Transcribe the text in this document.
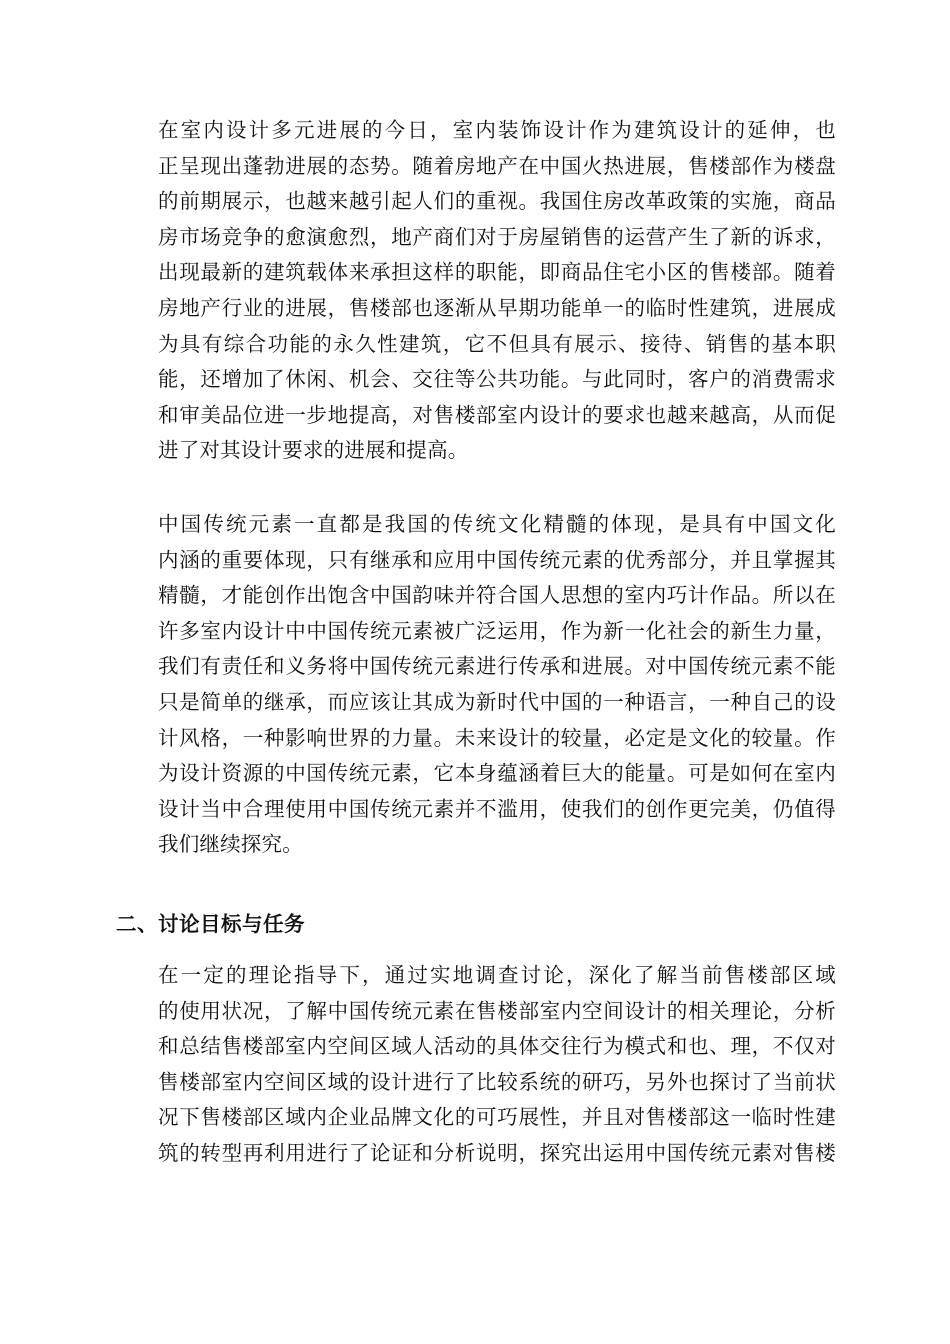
在室内设计多元进展的今日，室内装饰设计作为建筑设计的延伸，也
正呈现出蓬勃进展的态势。随着房地产在中国火热进展，售楼部作为楼盘
的前期展示，也越来越引起人们的重视。我国住房改革政策的实施，商品
房市场竞争的愈演愈烈，地产商们对于房屋销售的运营产生了新的诉求，
出现最新的建筑载体来承担这样的职能，即商品住宅小区的售楼部。随着
房地产行业的进展，售楼部也逐渐从早期功能单一的临时性建筑，进展成
为具有综合功能的永久性建筑，它不但具有展示、接待、销售的基本职
能，还增加了休闲、机会、交往等公共功能。与此同时，客户的消费需求
和审美品位进一步地提高，对售楼部室内设计的要求也越来越高，从而促
进了对其设计要求的进展和提高。
中国传统元素一直都是我国的传统文化精髓的体现，是具有中国文化
内涵的重要体现，只有继承和应用中国传统元素的优秀部分，并且掌握其
精髓，才能创作出饱含中国韵味并符合国人思想的室内巧计作品。所以在
许多室内设计中中国传统元素被广泛运用，作为新一化社会的新生力量，
我们有责任和义务将中国传统元素进行传承和进展。对中国传统元素不能
只是简单的继承，而应该让其成为新时代中国的一种语言，一种自己的设
计风格，一种影响世界的力量。未来设计的较量，必定是文化的较量。作
为设计资源的中国传统元素，它本身蕴涵着巨大的能量。可是如何在室内
设计当中合理使用中国传统元素并不滥用，使我们的创作更完美，仍值得
我们继续探究。
二、讨论目标与任务
在一定的理论指导下，通过实地调查讨论，深化了解当前售楼部区域
的使用状况，了解中国传统元素在售楼部室内空间设计的相关理论，分析
和总结售楼部室内空间区域人活动的具体交往行为模式和也、理，不仅对
售楼部室内空间区域的设计进行了比较系统的研巧，另外也探讨了当前状
况下售楼部区域内企业品牌文化的可巧展性，并且对售楼部这一临时性建
筑的转型再利用进行了论证和分析说明，探究出运用中国传统元素对售楼
